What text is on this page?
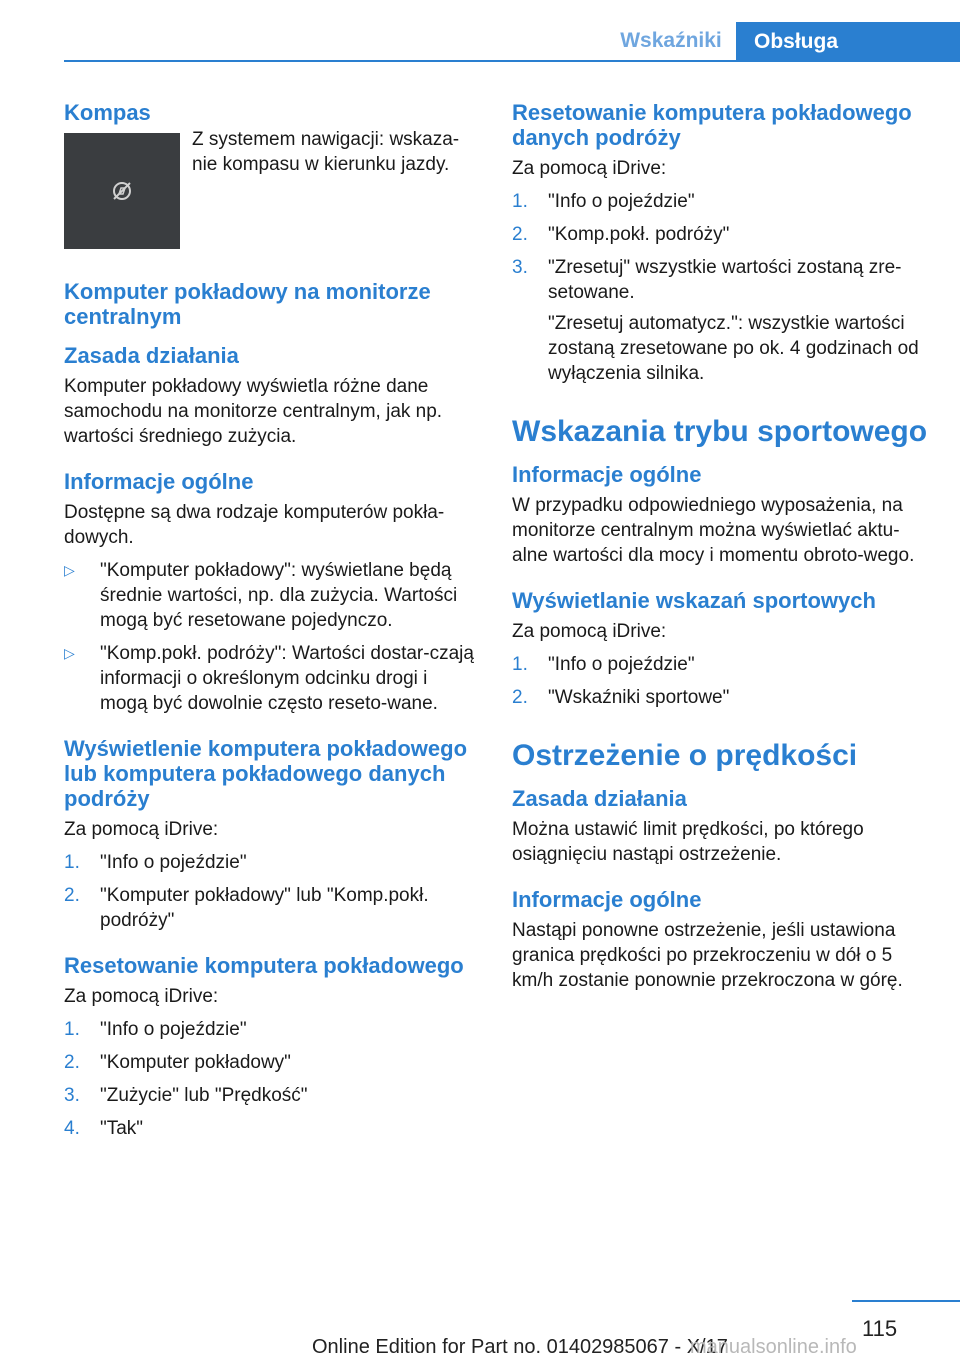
Wskaźniki	Obsługa
Kompas

Z systemem nawigacji: wskaza-nie kompasu w kierunku jazdy.

Komputer pokładowy na monitorze centralnym
Zasada działania

Komputer pokładowy wyświetla różne dane samochodu na monitorze centralnym, jak np. wartości średniego zużycia.

Informacje ogólne

Dostępne są dwa rodzaje komputerów pokła-dowych.

▷ "Komputer pokładowy": wyświetlane będą średnie wartości, np. dla zużycia. Wartości mogą być resetowane pojedynczo.
▷ "Komp.pokł. podróży": Wartości dostar-czają informacji o określonym odcinku drogi i mogą być dowolnie często reseto-wane.
Wyświetlenie komputera pokładowego lub komputera pokładowego danych podróży

Za pomocą iDrive:

1. "Info o pojeździe"
2. "Komputer pokładowy" lub "Komp.pokł. podróży"
Resetowanie komputera pokładowego

Za pomocą iDrive:

1. "Info o pojeździe"
2. "Komputer pokładowy"
3. "Zużycie" lub "Prędkość"
4. "Tak"
Resetowanie komputera pokładowego danych podróży

Za pomocą iDrive:

1. "Info o pojeździe"
2. "Komp.pokł. podróży"
3. "Zresetuj" wszystkie wartości zostaną zre-setowane.

"Zresetuj automatycz.": wszystkie wartości zostaną zresetowane po ok. 4 godzinach od wyłączenia silnika.

Wskazania trybu sportowego
Informacje ogólne

W przypadku odpowiedniego wyposażenia, na monitorze centralnym można wyświetlać aktu-alne wartości dla mocy i momentu obroto-wego.

Wyświetlanie wskazań sportowych

Za pomocą iDrive:

1. "Info o pojeździe"
2. "Wskaźniki sportowe"
Ostrzeżenie o prędkości
Zasada działania

Można ustawić limit prędkości, po którego osiągnięciu nastąpi ostrzeżenie.

Informacje ogólne

Nastąpi ponowne ostrzeżenie, jeśli ustawiona granica prędkości po przekroczeniu w dół o 5 km/h zostanie ponownie przekroczona w górę.

115
Online Edition for Part no. 01402985067 - X/17
manualsonline.info
